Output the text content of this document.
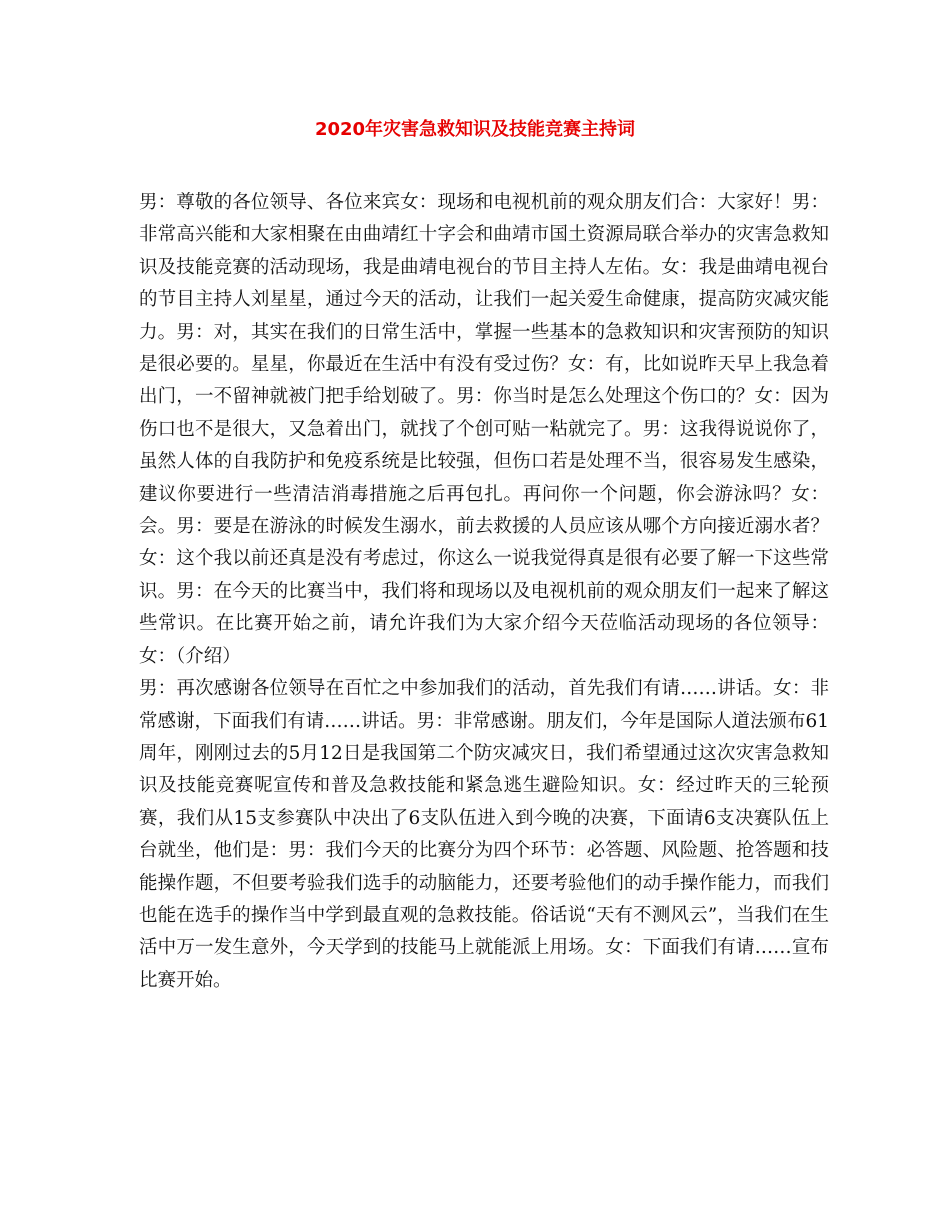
2020年灾害急救知识及技能竞赛主持词

男：尊敬的各位领导、各位来宾女：现场和电视机前的观众朋友们合：大家好！男：非常高兴能和大家相聚在由曲靖红十字会和曲靖市国土资源局联合举办的灾害急救知识及技能竞赛的活动现场，我是曲靖电视台的节目主持人左佑。女：我是曲靖电视台的节目主持人刘星星，通过今天的活动，让我们一起关爱生命健康，提高防灾减灾能力。男：对，其实在我们的日常生活中，掌握一些基本的急救知识和灾害预防的知识是很必要的。星星，你最近在生活中有没有受过伤？女：有，比如说昨天早上我急着出门，一不留神就被门把手给划破了。男：你当时是怎么处理这个伤口的？女：因为伤口也不是很大，又急着出门，就找了个创可贴一粘就完了。男：这我得说说你了，虽然人体的自我防护和免疫系统是比较强，但伤口若是处理不当，很容易发生感染，建议你要进行一些清洁消毒措施之后再包扎。再问你一个问题，你会游泳吗？女：会。男：要是在游泳的时候发生溺水，前去救援的人员应该从哪个方向接近溺水者？女：这个我以前还真是没有考虑过，你这么一说我觉得真是很有必要了解一下这些常识。男：在今天的比赛当中，我们将和现场以及电视机前的观众朋友们一起来了解这些常识。在比赛开始之前，请允许我们为大家介绍今天莅临活动现场的各位领导：女：（介绍）

男：再次感谢各位领导在百忙之中参加我们的活动，首先我们有请……讲话。女：非常感谢，下面我们有请……讲话。男：非常感谢。朋友们，今年是国际人道法颁布61周年，刚刚过去的5月12日是我国第二个防灾减灾日，我们希望通过这次灾害急救知识及技能竞赛呢宣传和普及急救技能和紧急逃生避险知识。女：经过昨天的三轮预赛，我们从15支参赛队中决出了6支队伍进入到今晚的决赛，下面请6支决赛队伍上台就坐，他们是：男：我们今天的比赛分为四个环节：必答题、风险题、抢答题和技能操作题，不但要考验我们选手的动脑能力，还要考验他们的动手操作能力，而我们也能在选手的操作当中学到最直观的急救技能。俗话说“天有不测风云”，当我们在生活中万一发生意外，今天学到的技能马上就能派上用场。女：下面我们有请……宣布比赛开始。
